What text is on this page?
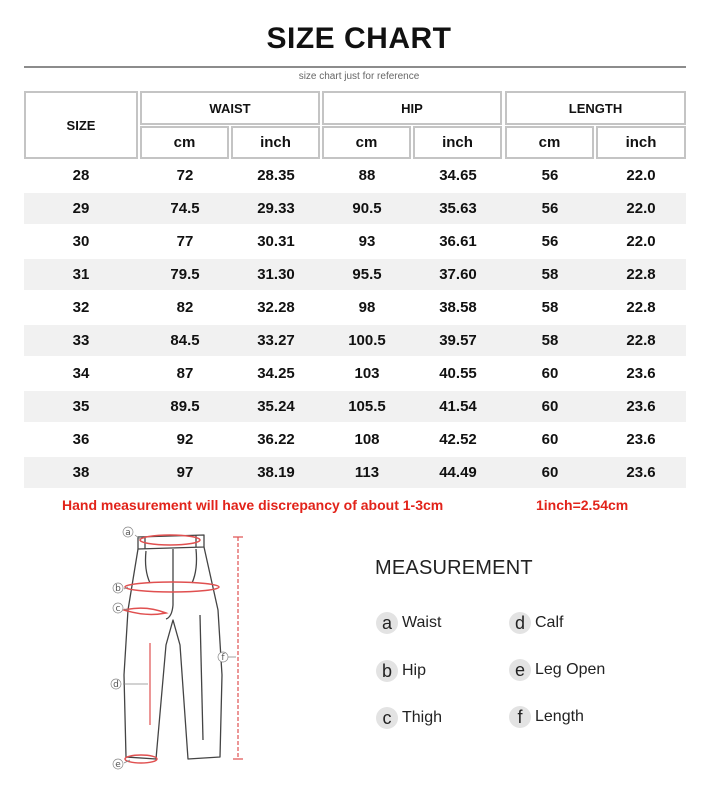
SIZE CHART
size chart just for reference
SIZE
WAIST	HIP	LENGTH
cm	inch	cm	inch	cm	inch
28	72	28.35	88	34.65	56	22.0
29	74.5	29.33	90.5	35.63	56	22.0
30	77	30.31	93	36.61	56	22.0
31	79.5	31.30	95.5	37.60	58	22.8
32	82	32.28	98	38.58	58	22.8
33	84.5	33.27	100.5	39.57	58	22.8
34	87	34.25	103	40.55	60	23.6
35	89.5	35.24	105.5	41.54	60	23.6
36	92	36.22	108	42.52	60	23.6
38	97	38.19	113	44.49	60	23.6
Hand measurement will have discrepancy of about 1-3cm	1inch=2.54cm
a
b
c
d
e
f
MEASUREMENT
a Waist
b Hip
c Thigh
d Calf
e Leg Open
f Length
